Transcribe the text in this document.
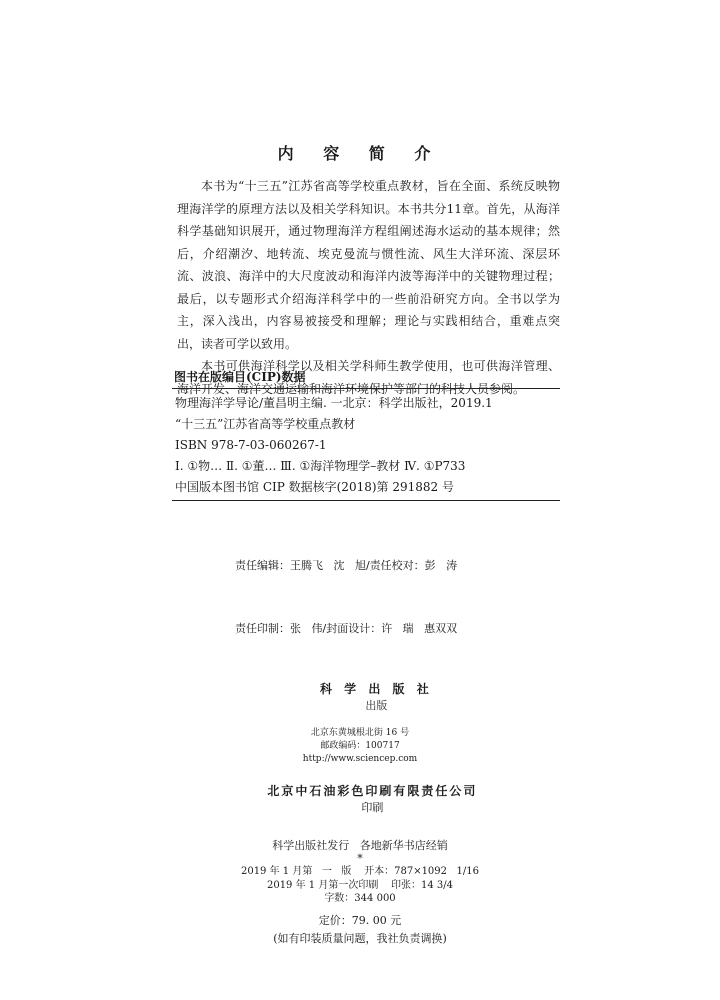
内 容 简 介

本书为“十三五”江苏省高等学校重点教材，旨在全面、系统反映物理海洋学的原理方法以及相关学科知识。本书共分11章。首先，从海洋科学基础知识展开，通过物理海洋方程组阐述海水运动的基本规律；然后，介绍潮汐、地转流、埃克曼流与惯性流、风生大洋环流、深层环流、波浪、海洋中的大尺度波动和海洋内波等海洋中的关键物理过程；最后，以专题形式介绍海洋科学中的一些前沿研究方向。全书以学为主，深入浅出，内容易被接受和理解；理论与实践相结合，重难点突出，读者可学以致用。

本书可供海洋科学以及相关学科师生教学使用，也可供海洋管理、海洋开发、海洋交通运输和海洋环境保护等部门的科技人员参阅。

图书在版编目(CIP)数据
物理海洋学导论/董昌明主编. 一北京：科学出版社，2019.1
“十三五”江苏省高等学校重点教材
ISBN 978-7-03-060267-1
Ⅰ. ①物… Ⅱ. ①董… Ⅲ. ①海洋物理学–教材 Ⅳ. ①P733
中国版本图书馆 CIP 数据核字(2018)第 291882 号

责任编辑：王腾飞   沈   旭/责任校对：彭   涛

责任印制：张   伟/封面设计：许   瑞   惠双双

科 学 出 版 社
出版

北京东黄城根北街 16 号
邮政编码：100717
http://www.sciencep.com

北京中石油彩色印刷有限责任公司
印刷

科学出版社发行   各地新华书店经销
*
2019 年 1 月第   一   版    开本：787×1092   1/16
2019 年 1 月第一次印刷    印张：14 3/4
字数：344 000
定价：79. 00 元
(如有印装质量问题，我社负责调换)
